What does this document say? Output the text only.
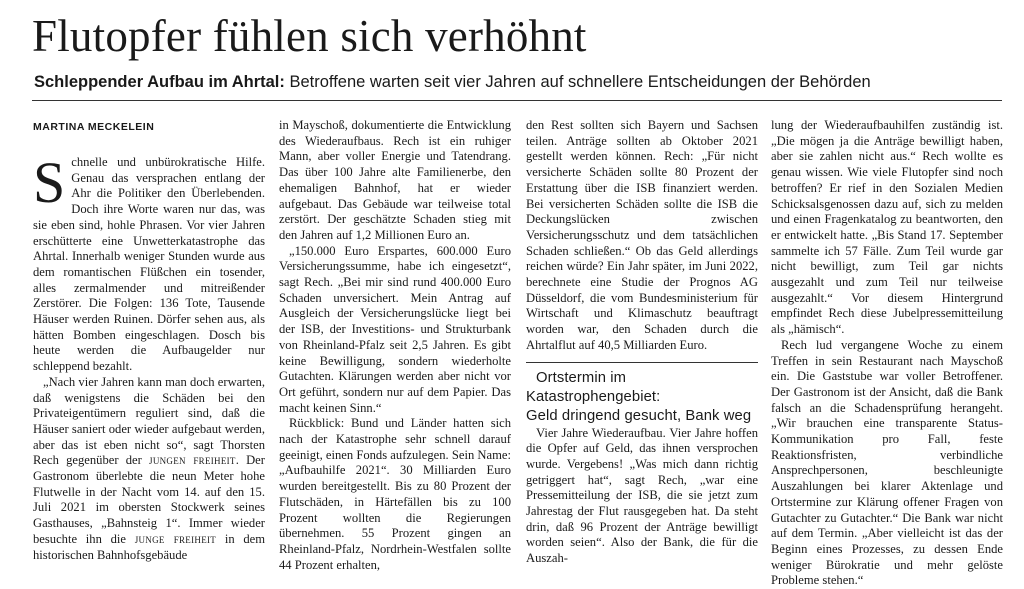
Flutopfer fühlen sich verhöhnt

Schleppender Aufbau im Ahrtal: Betroffene warten seit vier Jahren auf schnellere Entscheidungen der Behörden

MARTINA MECKELEIN

Schnelle und unbürokratische Hilfe. Genau das versprachen entlang der Ahr die Politiker den Überlebenden. Doch ihre Worte waren nur das, was sie eben sind, hohle Phrasen. Vor vier Jahren erschütterte eine Unwetterkatastrophe das Ahrtal. Innerhalb weniger Stunden wurde aus dem romantischen Flüßchen ein tosender, alles zermalmender und mitreißender Zerstörer. Die Folgen: 136 Tote, Tausende Häuser werden Ruinen. Dörfer sehen aus, als hätten Bomben eingeschlagen. Dosch bis heute werden die Aufbaugelder nur schleppend bezahlt.

„Nach vier Jahren kann man doch erwarten, daß wenigstens die Schäden bei den Privateigentümern reguliert sind, daß die Häuser saniert oder wieder aufgebaut werden, aber das ist eben nicht so“, sagt Thorsten Rech gegenüber der jungen freiheit. Der Gastronom überlebte die neun Meter hohe Flutwelle in der Nacht vom 14. auf den 15. Juli 2021 im obersten Stockwerk seines Gasthauses, „Bahnsteig 1“. Immer wieder besuchte ihn die junge freiheit in dem historischen Bahnhofsgebäude

in Mayschoß, dokumentierte die Entwicklung des Wiederaufbaus. Rech ist ein ruhiger Mann, aber voller Energie und Tatendrang. Das über 100 Jahre alte Familienerbe, den ehemaligen Bahnhof, hat er wieder aufgebaut. Das Gebäude war teilweise total zerstört. Der geschätzte Schaden stieg mit den Jahren auf 1,2 Millionen Euro an.

„150.000 Euro Erspartes, 600.000 Euro Versicherungssumme, habe ich eingesetzt“, sagt Rech. „Bei mir sind rund 400.000 Euro Schaden unversichert. Mein Antrag auf Ausgleich der Versicherungslücke liegt bei der ISB, der Investitions- und Strukturbank von Rheinland-Pfalz seit 2,5 Jahren. Es gibt keine Bewilligung, sondern wiederholte Gutachten. Klärungen werden aber nicht vor Ort geführt, sondern nur auf dem Papier. Das macht keinen Sinn.“

Rückblick: Bund und Länder hatten sich nach der Katastrophe sehr schnell darauf geeinigt, einen Fonds aufzulegen. Sein Name: „Aufbauhilfe 2021“. 30 Milliarden Euro wurden bereitgestellt. Bis zu 80 Prozent der Flutschäden, in Härtefällen bis zu 100 Prozent wollten die Regierungen übernehmen. 55 Prozent gingen an Rheinland-Pfalz, Nordrhein-Westfalen sollte 44 Prozent erhalten,

den Rest sollten sich Bayern und Sachsen teilen. Anträge sollten ab Oktober 2021 gestellt werden können. Rech: „Für nicht versicherte Schäden sollte 80 Prozent der Erstattung über die ISB finanziert werden. Bei versicherten Schäden sollte die ISB die Deckungslücken zwischen Versicherungsschutz und dem tatsächlichen Schaden schließen.“ Ob das Geld allerdings reichen würde? Ein Jahr später, im Juni 2022, berechnete eine Studie der Prognos AG Düsseldorf, die vom Bundesministerium für Wirtschaft und Klimaschutz beauftragt worden war, den Schaden durch die Ahrtalflut auf 40,5 Milliarden Euro.

Ortstermin im Katastrophengebiet:
Geld dringend gesucht, Bank weg

Vier Jahre Wiederaufbau. Vier Jahre hoffen die Opfer auf Geld, das ihnen versprochen wurde. Vergebens! „Was mich dann richtig getriggert hat“, sagt Rech, „war eine Pressemitteilung der ISB, die sie jetzt zum Jahrestag der Flut rausgegeben hat. Da steht drin, daß 96 Prozent der Anträge bewilligt worden seien“. Also der Bank, die für die Auszah-

lung der Wiederaufbauhilfen zuständig ist. „Die mögen ja die Anträge bewilligt haben, aber sie zahlen nicht aus.“ Rech wollte es genau wissen. Wie viele Flutopfer sind noch betroffen? Er rief in den Sozialen Medien Schicksalsgenossen dazu auf, sich zu melden und einen Fragenkatalog zu beantworten, den er entwickelt hatte. „Bis Stand 17. September sammelte ich 57 Fälle. Zum Teil wurde gar nicht bewilligt, zum Teil gar nichts ausgezahlt und zum Teil nur teilweise ausgezahlt.“ Vor diesem Hintergrund empfindet Rech diese Jubelpressemitteilung als „hämisch“.

Rech lud vergangene Woche zu einem Treffen in sein Restaurant nach Mayschoß ein. Die Gaststube war voller Betroffener. Der Gastronom ist der Ansicht, daß die Bank falsch an die Schadensprüfung herangeht. „Wir brauchen eine transparente Status-Kommunikation pro Fall, feste Reaktionsfristen, verbindliche Ansprechpersonen, beschleunigte Auszahlungen bei klarer Aktenlage und Ortstermine zur Klärung offener Fragen von Gutachter zu Gutachter.“ Die Bank war nicht auf dem Termin. „Aber vielleicht ist das der Beginn eines Prozesses, zu dessen Ende weniger Bürokratie und mehr gelöste Probleme stehen.“
